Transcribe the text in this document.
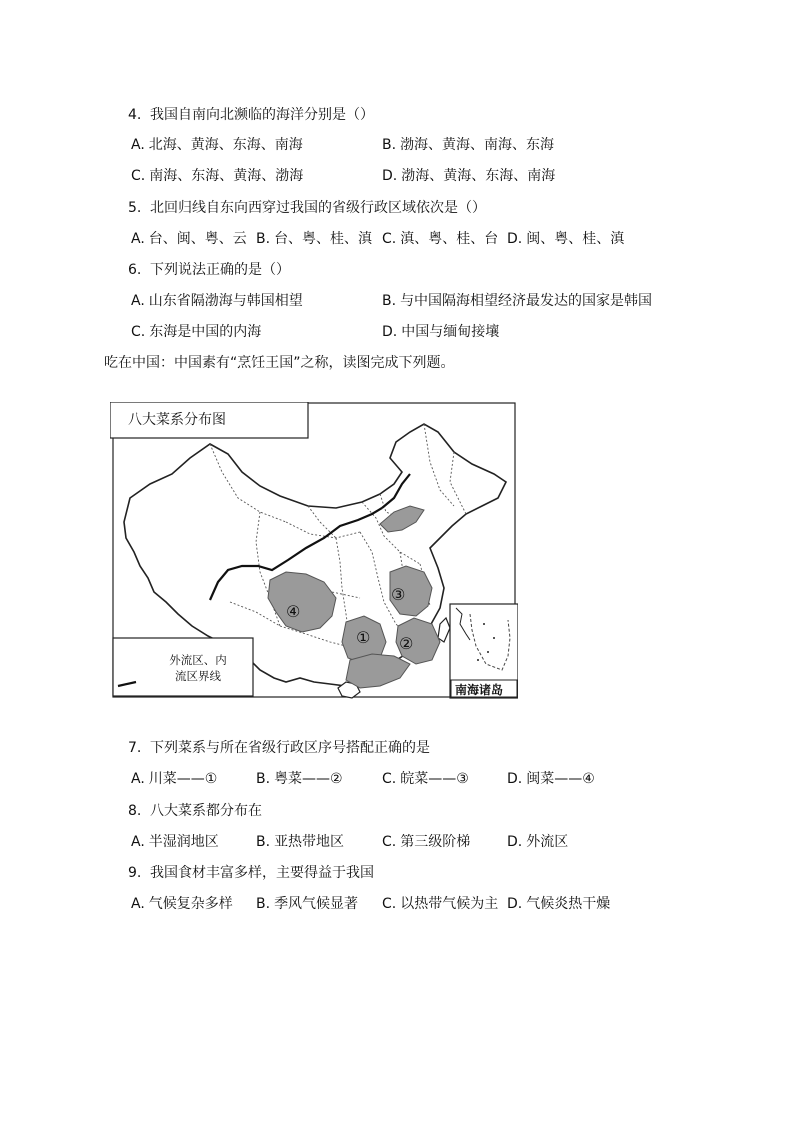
4. 我国自南向北濒临的海洋分别是（）
A. 北海、黄海、东海、南海	B. 渤海、黄海、南海、东海
C. 南海、东海、黄海、渤海	D. 渤海、黄海、东海、南海
5. 北回归线自东向西穿过我国的省级行政区域依次是（）
A. 台、闽、粤、云 B. 台、粤、桂、滇 C. 滇、粤、桂、台 D. 闽、粤、桂、滇
6. 下列说法正确的是（）
A. 山东省隔渤海与韩国相望	B. 与中国隔海相望经济最发达的国家是韩国
C. 东海是中国的内海	D. 中国与缅甸接壤
吃在中国：中国素有“烹饪王国”之称，读图完成下列题。
八大菜系分布图
外流区、内
流区界线
南海诸岛
④
①
③
②
7. 下列菜系与所在省级行政区序号搭配正确的是
A. 川菜——①	B. 粤菜——②	C. 皖菜——③	D. 闽菜——④
8. 八大菜系都分布在
A. 半湿润地区	B. 亚热带地区	C. 第三级阶梯	D. 外流区
9. 我国食材丰富多样，主要得益于我国
A. 气候复杂多样 B. 季风气候显著 C. 以热带气候为主 D. 气候炎热干燥
